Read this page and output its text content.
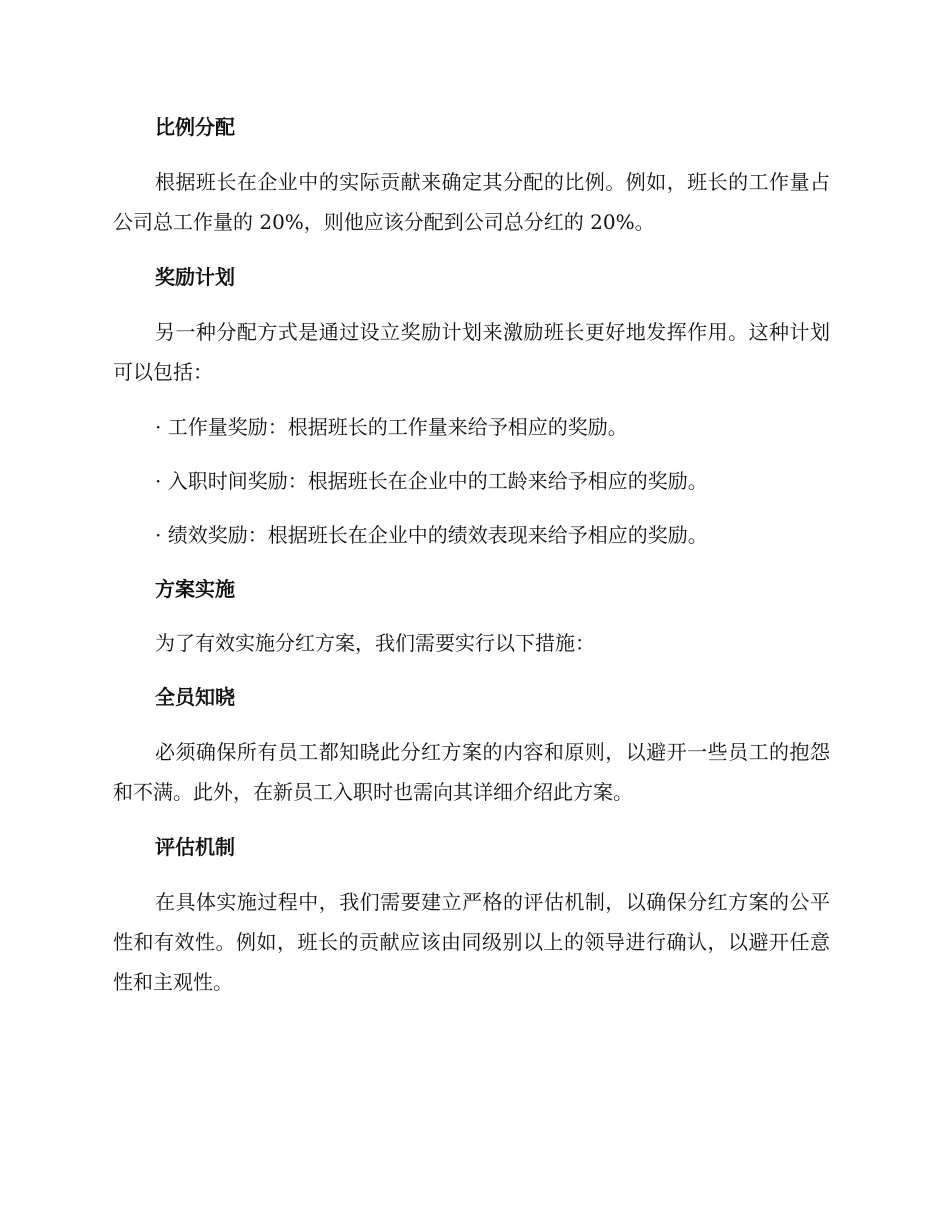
比例分配

根据班长在企业中的实际贡献来确定其分配的比例。例如，班长的工作量占公司总工作量的 20%，则他应该分配到公司总分红的 20%。

奖励计划

另一种分配方式是通过设立奖励计划来激励班长更好地发挥作用。这种计划可以包括：

· 工作量奖励：根据班长的工作量来给予相应的奖励。
· 入职时间奖励：根据班长在企业中的工龄来给予相应的奖励。
· 绩效奖励：根据班长在企业中的绩效表现来给予相应的奖励。
方案实施
为了有效实施分红方案，我们需要实行以下措施：
全员知晓

必须确保所有员工都知晓此分红方案的内容和原则，以避开一些员工的抱怨和不满。此外，在新员工入职时也需向其详细介绍此方案。

评估机制

在具体实施过程中，我们需要建立严格的评估机制，以确保分红方案的公平性和有效性。例如，班长的贡献应该由同级别以上的领导进行确认，以避开任意性和主观性。
